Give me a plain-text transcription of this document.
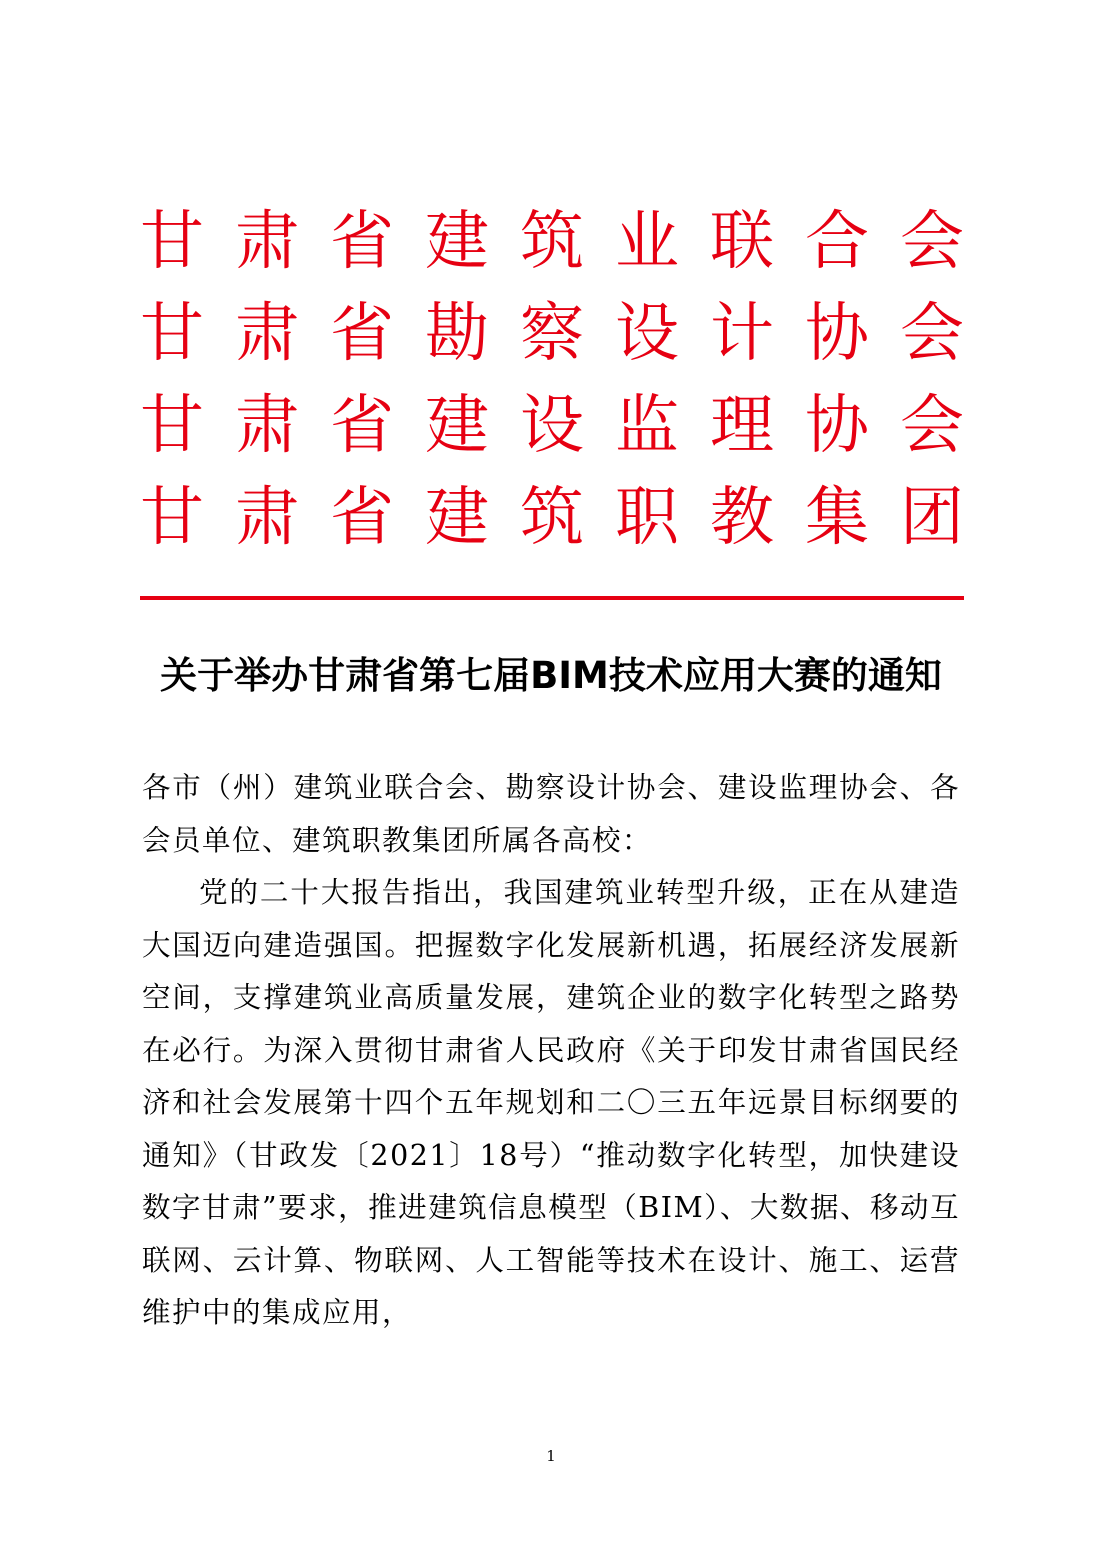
甘 肃 省 建 筑 业 联 合 会
甘 肃 省 勘 察 设 计 协 会
甘 肃 省 建 设 监 理 协 会
甘 肃 省 建 筑 职 教 集 团
关于举办甘肃省第七届BIM技术应用大赛的通知

各市（州）建筑业联合会、勘察设计协会、建设监理协会、各会员单位、建筑职教集团所属各高校：

党的二十大报告指出，我国建筑业转型升级，正在从建造大国迈向建造强国。把握数字化发展新机遇，拓展经济发展新空间，支撑建筑业高质量发展，建筑企业的数字化转型之路势在必行。为深入贯彻甘肃省人民政府《关于印发甘肃省国民经济和社会发展第十四个五年规划和二〇三五年远景目标纲要的通知》（甘政发〔2021〕18号）“推动数字化转型，加快建设数字甘肃”要求，推进建筑信息模型（BIM）、大数据、移动互联网、云计算、物联网、人工智能等技术在设计、施工、运营维护中的集成应用，

1
